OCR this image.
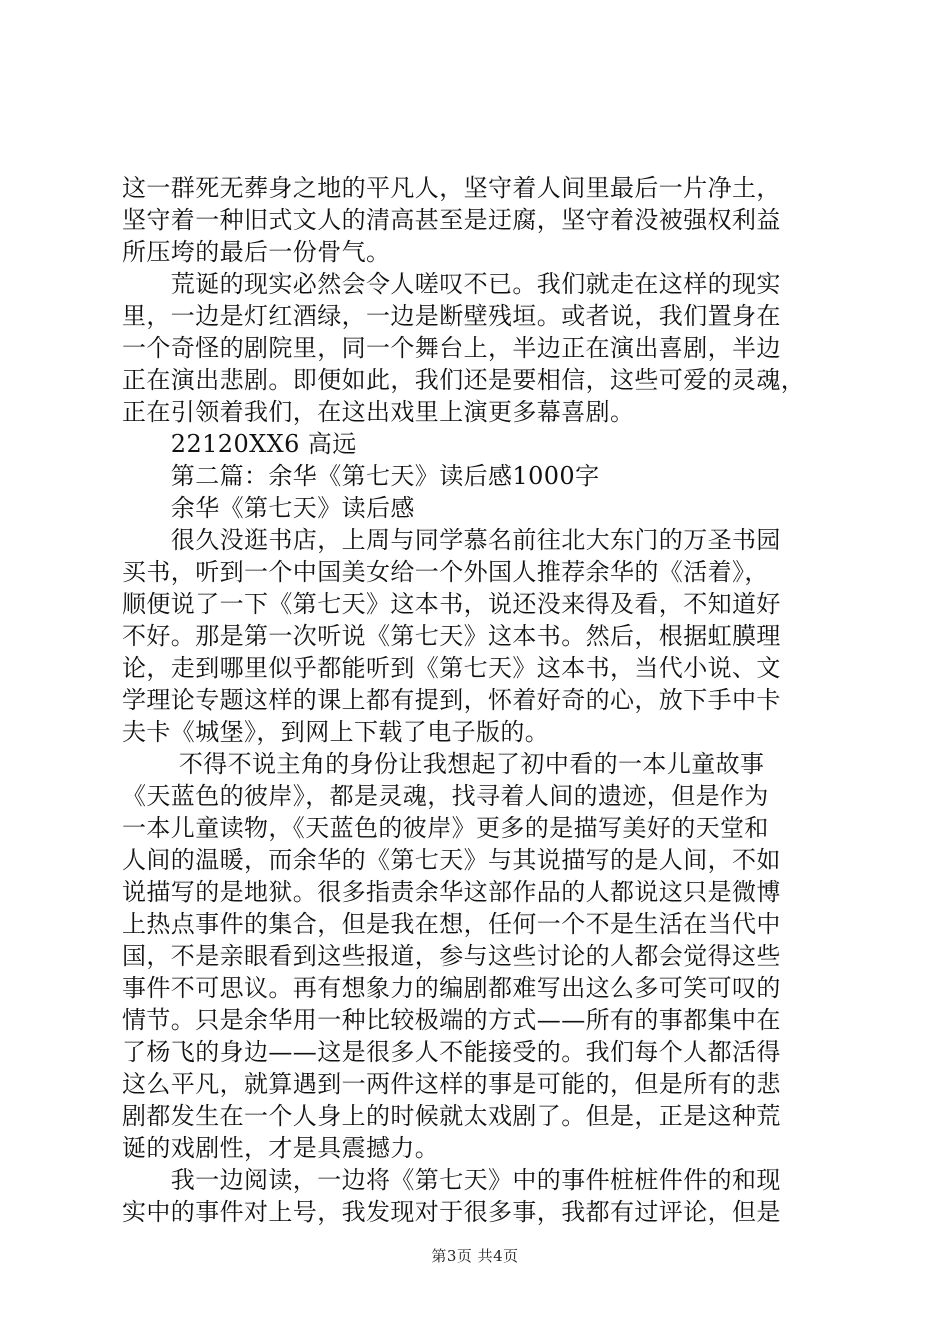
这一群死无葬身之地的平凡人，坚守着人间里最后一片净土，
坚守着一种旧式文人的清高甚至是迂腐，坚守着没被强权利益
所压垮的最后一份骨气。
　　荒诞的现实必然会令人嗟叹不已。我们就走在这样的现实
里，一边是灯红酒绿，一边是断壁残垣。或者说，我们置身在
一个奇怪的剧院里，同一个舞台上，半边正在演出喜剧，半边
正在演出悲剧。即便如此，我们还是要相信，这些可爱的灵魂，
正在引领着我们，在这出戏里上演更多幕喜剧。
　　22120XX6 高远
　　第二篇：余华《第七天》读后感1000字
　　余华《第七天》读后感
　　很久没逛书店，上周与同学慕名前往北大东门的万圣书园
买书，听到一个中国美女给一个外国人推荐余华的《活着》，
顺便说了一下《第七天》这本书，说还没来得及看，不知道好
不好。那是第一次听说《第七天》这本书。然后，根据虹膜理
论，走到哪里似乎都能听到《第七天》这本书，当代小说、文
学理论专题这样的课上都有提到，怀着好奇的心，放下手中卡
夫卡《城堡》，到网上下载了电子版的。
　　 不得不说主角的身份让我想起了初中看的一本儿童故事
《天蓝色的彼岸》，都是灵魂，找寻着人间的遗迹，但是作为
一本儿童读物，《天蓝色的彼岸》更多的是描写美好的天堂和
人间的温暖，而余华的《第七天》与其说描写的是人间，不如
说描写的是地狱。很多指责余华这部作品的人都说这只是微博
上热点事件的集合，但是我在想，任何一个不是生活在当代中
国，不是亲眼看到这些报道，参与这些讨论的人都会觉得这些
事件不可思议。再有想象力的编剧都难写出这么多可笑可叹的
情节。只是余华用一种比较极端的方式——所有的事都集中在
了杨飞的身边——这是很多人不能接受的。我们每个人都活得
这么平凡，就算遇到一两件这样的事是可能的，但是所有的悲
剧都发生在一个人身上的时候就太戏剧了。但是，正是这种荒
诞的戏剧性，才是具震撼力。
　　我一边阅读，一边将《第七天》中的事件桩桩件件的和现
实中的事件对上号，我发现对于很多事，我都有过评论，但是
第3页 共4页
